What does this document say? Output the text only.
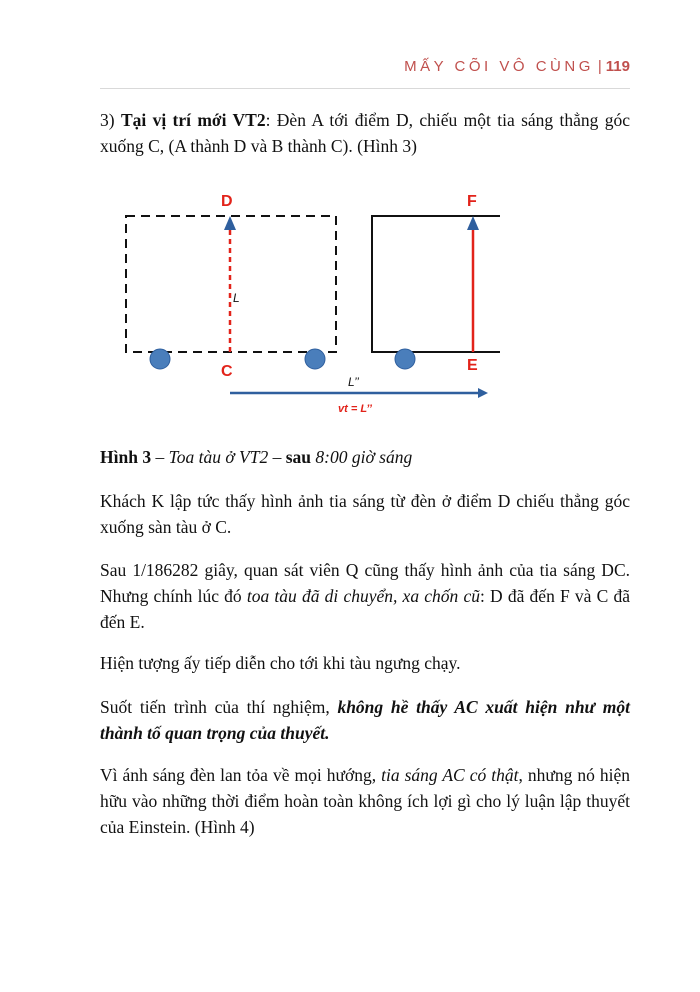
MẤY CÕI VÔ CÙNG | 119
3) Tại vị trí mới VT2: Đèn A tới điểm D, chiếu một tia sáng thẳng góc xuống C, (A thành D và B thành C). (Hình 3)
D
L
C
F
E
L’’
vt = L’’
Hình 3 – Toa tàu ở VT2 – sau 8:00 giờ sáng
Khách K lập tức thấy hình ảnh tia sáng từ đèn ở điểm D chiếu thẳng góc xuống sàn tàu ở C.
Sau 1/186282 giây, quan sát viên Q cũng thấy hình ảnh của tia sáng DC. Nhưng chính lúc đó toa tàu đã di chuyển, xa chốn cũ: D đã đến F và C đã đến E.
Hiện tượng ấy tiếp diễn cho tới khi tàu ngưng chạy.
Suốt tiến trình của thí nghiệm, không hề thấy AC xuất hiện như một thành tố quan trọng của thuyết.
Vì ánh sáng đèn lan tỏa về mọi hướng, tia sáng AC có thật, nhưng nó hiện hữu vào những thời điểm hoàn toàn không ích lợi gì cho lý luận lập thuyết của Einstein. (Hình 4)
